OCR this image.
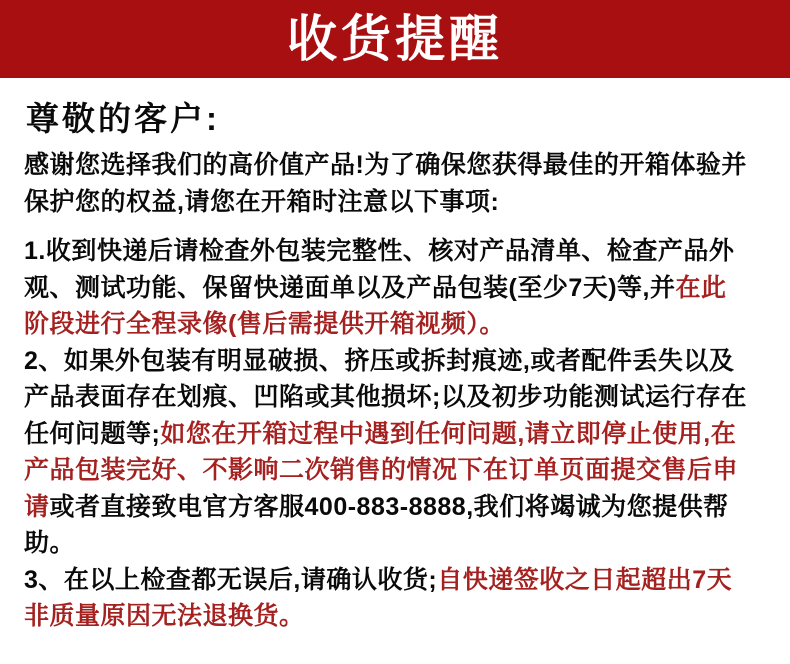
收货提醒
尊敬的客户:
感谢您选择我们的高价值产品!为了确保您获得最佳的开箱体验并
保护您的权益,请您在开箱时注意以下事项:
1.收到快递后请检查外包装完整性、核对产品清单、检查产品外
观、测试功能、保留快递面单以及产品包装(至少7天)等,并在此
阶段进行全程录像(售后需提供开箱视频）。
2、如果外包装有明显破损、挤压或拆封痕迹,或者配件丢失以及
产品表面存在划痕、凹陷或其他损坏;以及初步功能测试运行存在
任何问题等;如您在开箱过程中遇到任何问题,请立即停止使用,在
产品包装完好、不影响二次销售的情况下在订单页面提交售后申
请或者直接致电官方客服400-883-8888,我们将竭诚为您提供帮
助。
3、在以上检查都无误后,请确认收货;自快递签收之日起超出7天
非质量原因无法退换货。
